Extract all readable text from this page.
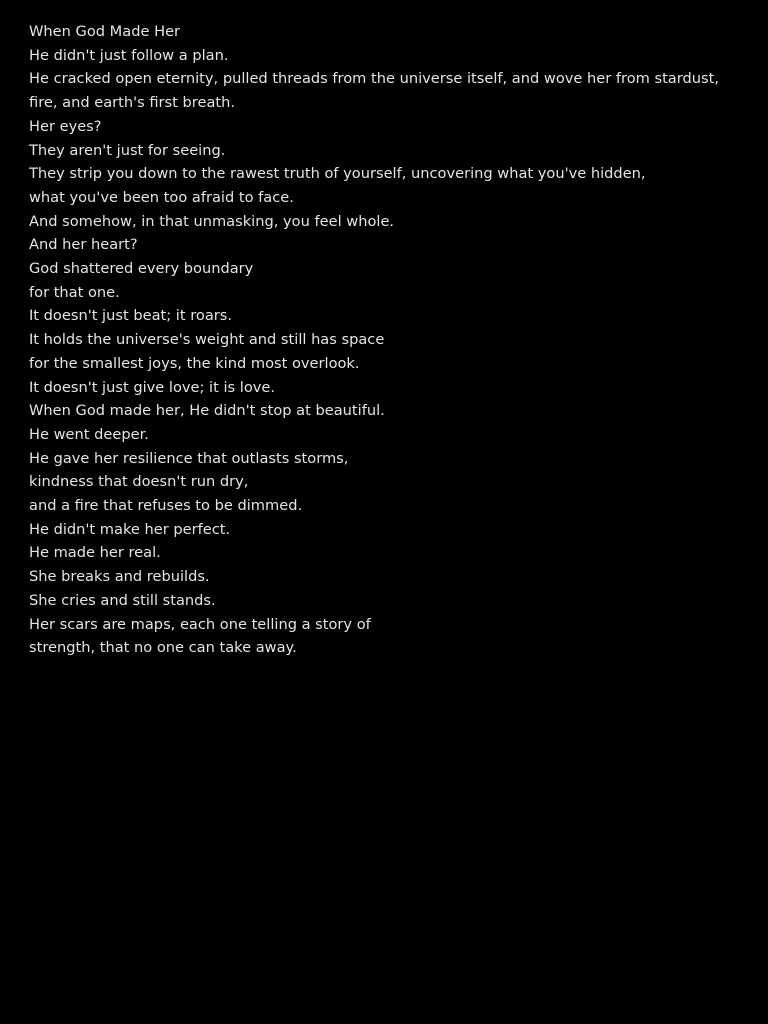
When God Made Her
He didn't just follow a plan.
He cracked open eternity, pulled threads from the universe itself, and wove her from stardust,
fire, and earth's first breath.
Her eyes?
They aren't just for seeing.
They strip you down to the rawest truth of yourself, uncovering what you've hidden,
what you've been too afraid to face.
And somehow, in that unmasking, you feel whole.
And her heart?
God shattered every boundary
for that one.
It doesn't just beat; it roars.
It holds the universe's weight and still has space
for the smallest joys, the kind most overlook.
It doesn't just give love; it is love.
When God made her, He didn't stop at beautiful.
He went deeper.
He gave her resilience that outlasts storms,
kindness that doesn't run dry,
and a fire that refuses to be dimmed.
He didn't make her perfect.
He made her real.
She breaks and rebuilds.
She cries and still stands.
Her scars are maps, each one telling a story of
strength, that no one can take away.
